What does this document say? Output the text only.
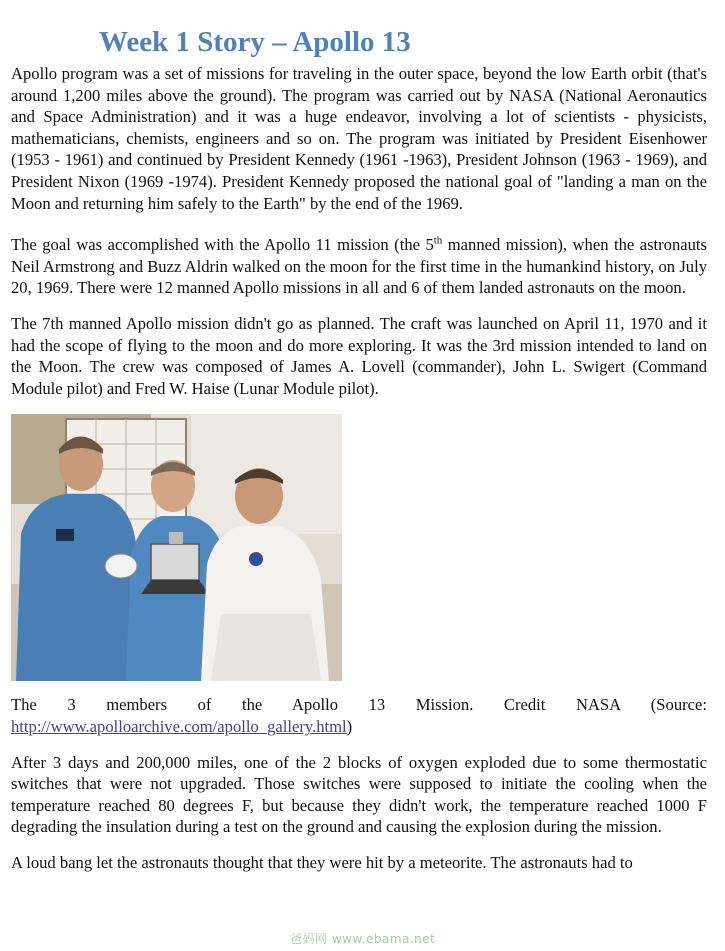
Week 1 Story – Apollo 13

Apollo program was a set of missions for traveling in the outer space, beyond the low Earth orbit (that's around 1,200 miles above the ground). The program was carried out by NASA (National Aeronautics and Space Administration) and it was a huge endeavor, involving a lot of scientists - physicists, mathematicians, chemists, engineers and so on. The program was initiated by President Eisenhower (1953 - 1961) and continued by President Kennedy (1961 -1963), President Johnson (1963 - 1969), and President Nixon (1969 -1974). President Kennedy proposed the national goal of "landing a man on the Moon and returning him safely to the Earth" by the end of the 1969.

The goal was accomplished with the Apollo 11 mission (the 5th manned mission), when the astronauts Neil Armstrong and Buzz Aldrin walked on the moon for the first time in the humankind history, on July 20, 1969. There were 12 manned Apollo missions in all and 6 of them landed astronauts on the moon.

The 7th manned Apollo mission didn't go as planned. The craft was launched on April 11, 1970 and it had the scope of flying to the moon and do more exploring. It was the 3rd mission intended to land on the Moon. The crew was composed of James A. Lovell (commander), John L. Swigert (Command Module pilot) and Fred W. Haise (Lunar Module pilot).

The 3 members of the Apollo 13 Mission. Credit NASA (Source:

http://www.apolloarchive.com/apollo_gallery.html)

After 3 days and 200,000 miles, one of the 2 blocks of oxygen exploded due to some thermostatic switches that were not upgraded. Those switches were supposed to initiate the cooling when the temperature reached 80 degrees F, but because they didn't work, the temperature reached 1000 F degrading the insulation during a test on the ground and causing the explosion during the mission.

A loud bang let the astronauts thought that they were hit by a meteorite. The astronauts had to

爸妈网 www.ebama.net
